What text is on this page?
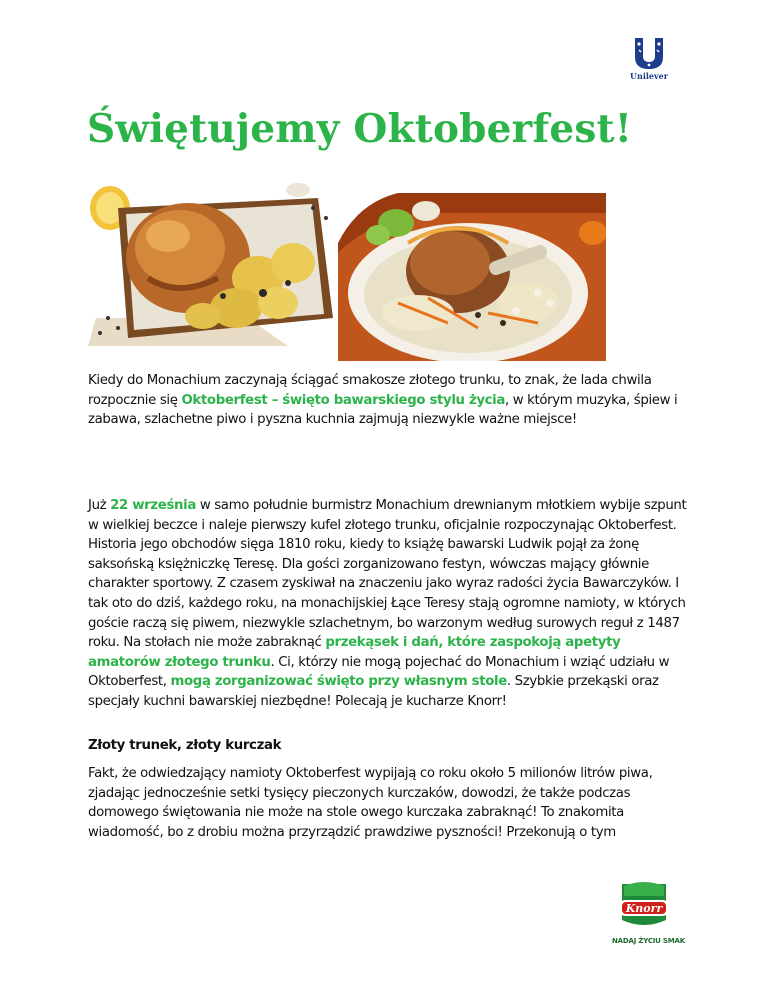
Unilever
Świętujemy Oktoberfest!

Kiedy do Monachium zaczynają ściągać smakosze złotego trunku, to znak, że lada chwila rozpocznie się Oktoberfest – święto bawarskiego stylu życia, w którym muzyka, śpiew i zabawa, szlachetne piwo i pyszna kuchnia zajmują niezwykle ważne miejsce!

Już 22 września w samo południe burmistrz Monachium drewnianym młotkiem wybije szpunt w wielkiej beczce i naleje pierwszy kufel złotego trunku, oficjalnie rozpoczynając Oktoberfest. Historia jego obchodów sięga 1810 roku, kiedy to książę bawarski Ludwik pojął za żonę saksońską księżniczkę Teresę. Dla gości zorganizowano festyn, wówczas mający głównie charakter sportowy. Z czasem zyskiwał na znaczeniu jako wyraz radości życia Bawarczyków. I tak oto do dziś, każdego roku, na monachijskiej Łące Teresy stają ogromne namioty, w których goście raczą się piwem, niezwykle szlachetnym, bo warzonym według surowych reguł z 1487 roku. Na stołach nie może zabraknąć przekąsek i dań, które zaspokoją apetyty amatorów złotego trunku. Ci, którzy nie mogą pojechać do Monachium i wziąć udziału w Oktoberfest, mogą zorganizować święto przy własnym stole. Szybkie przekąski oraz specjały kuchni bawarskiej niezbędne! Polecają je kucharze Knorr!

Złoty trunek, złoty kurczak

Fakt, że odwiedzający namioty Oktoberfest wypijają co roku około 5 milionów litrów piwa, zjadając jednocześnie setki tysięcy pieczonych kurczaków, dowodzi, że także podczas domowego świętowania nie może na stole owego kurczaka zabraknąć! To znakomita wiadomość, bo z drobiu można przyrządzić prawdziwe pyszności! Przekonują o tym

Knorr
NADAJ ŻYCIU SMAK
